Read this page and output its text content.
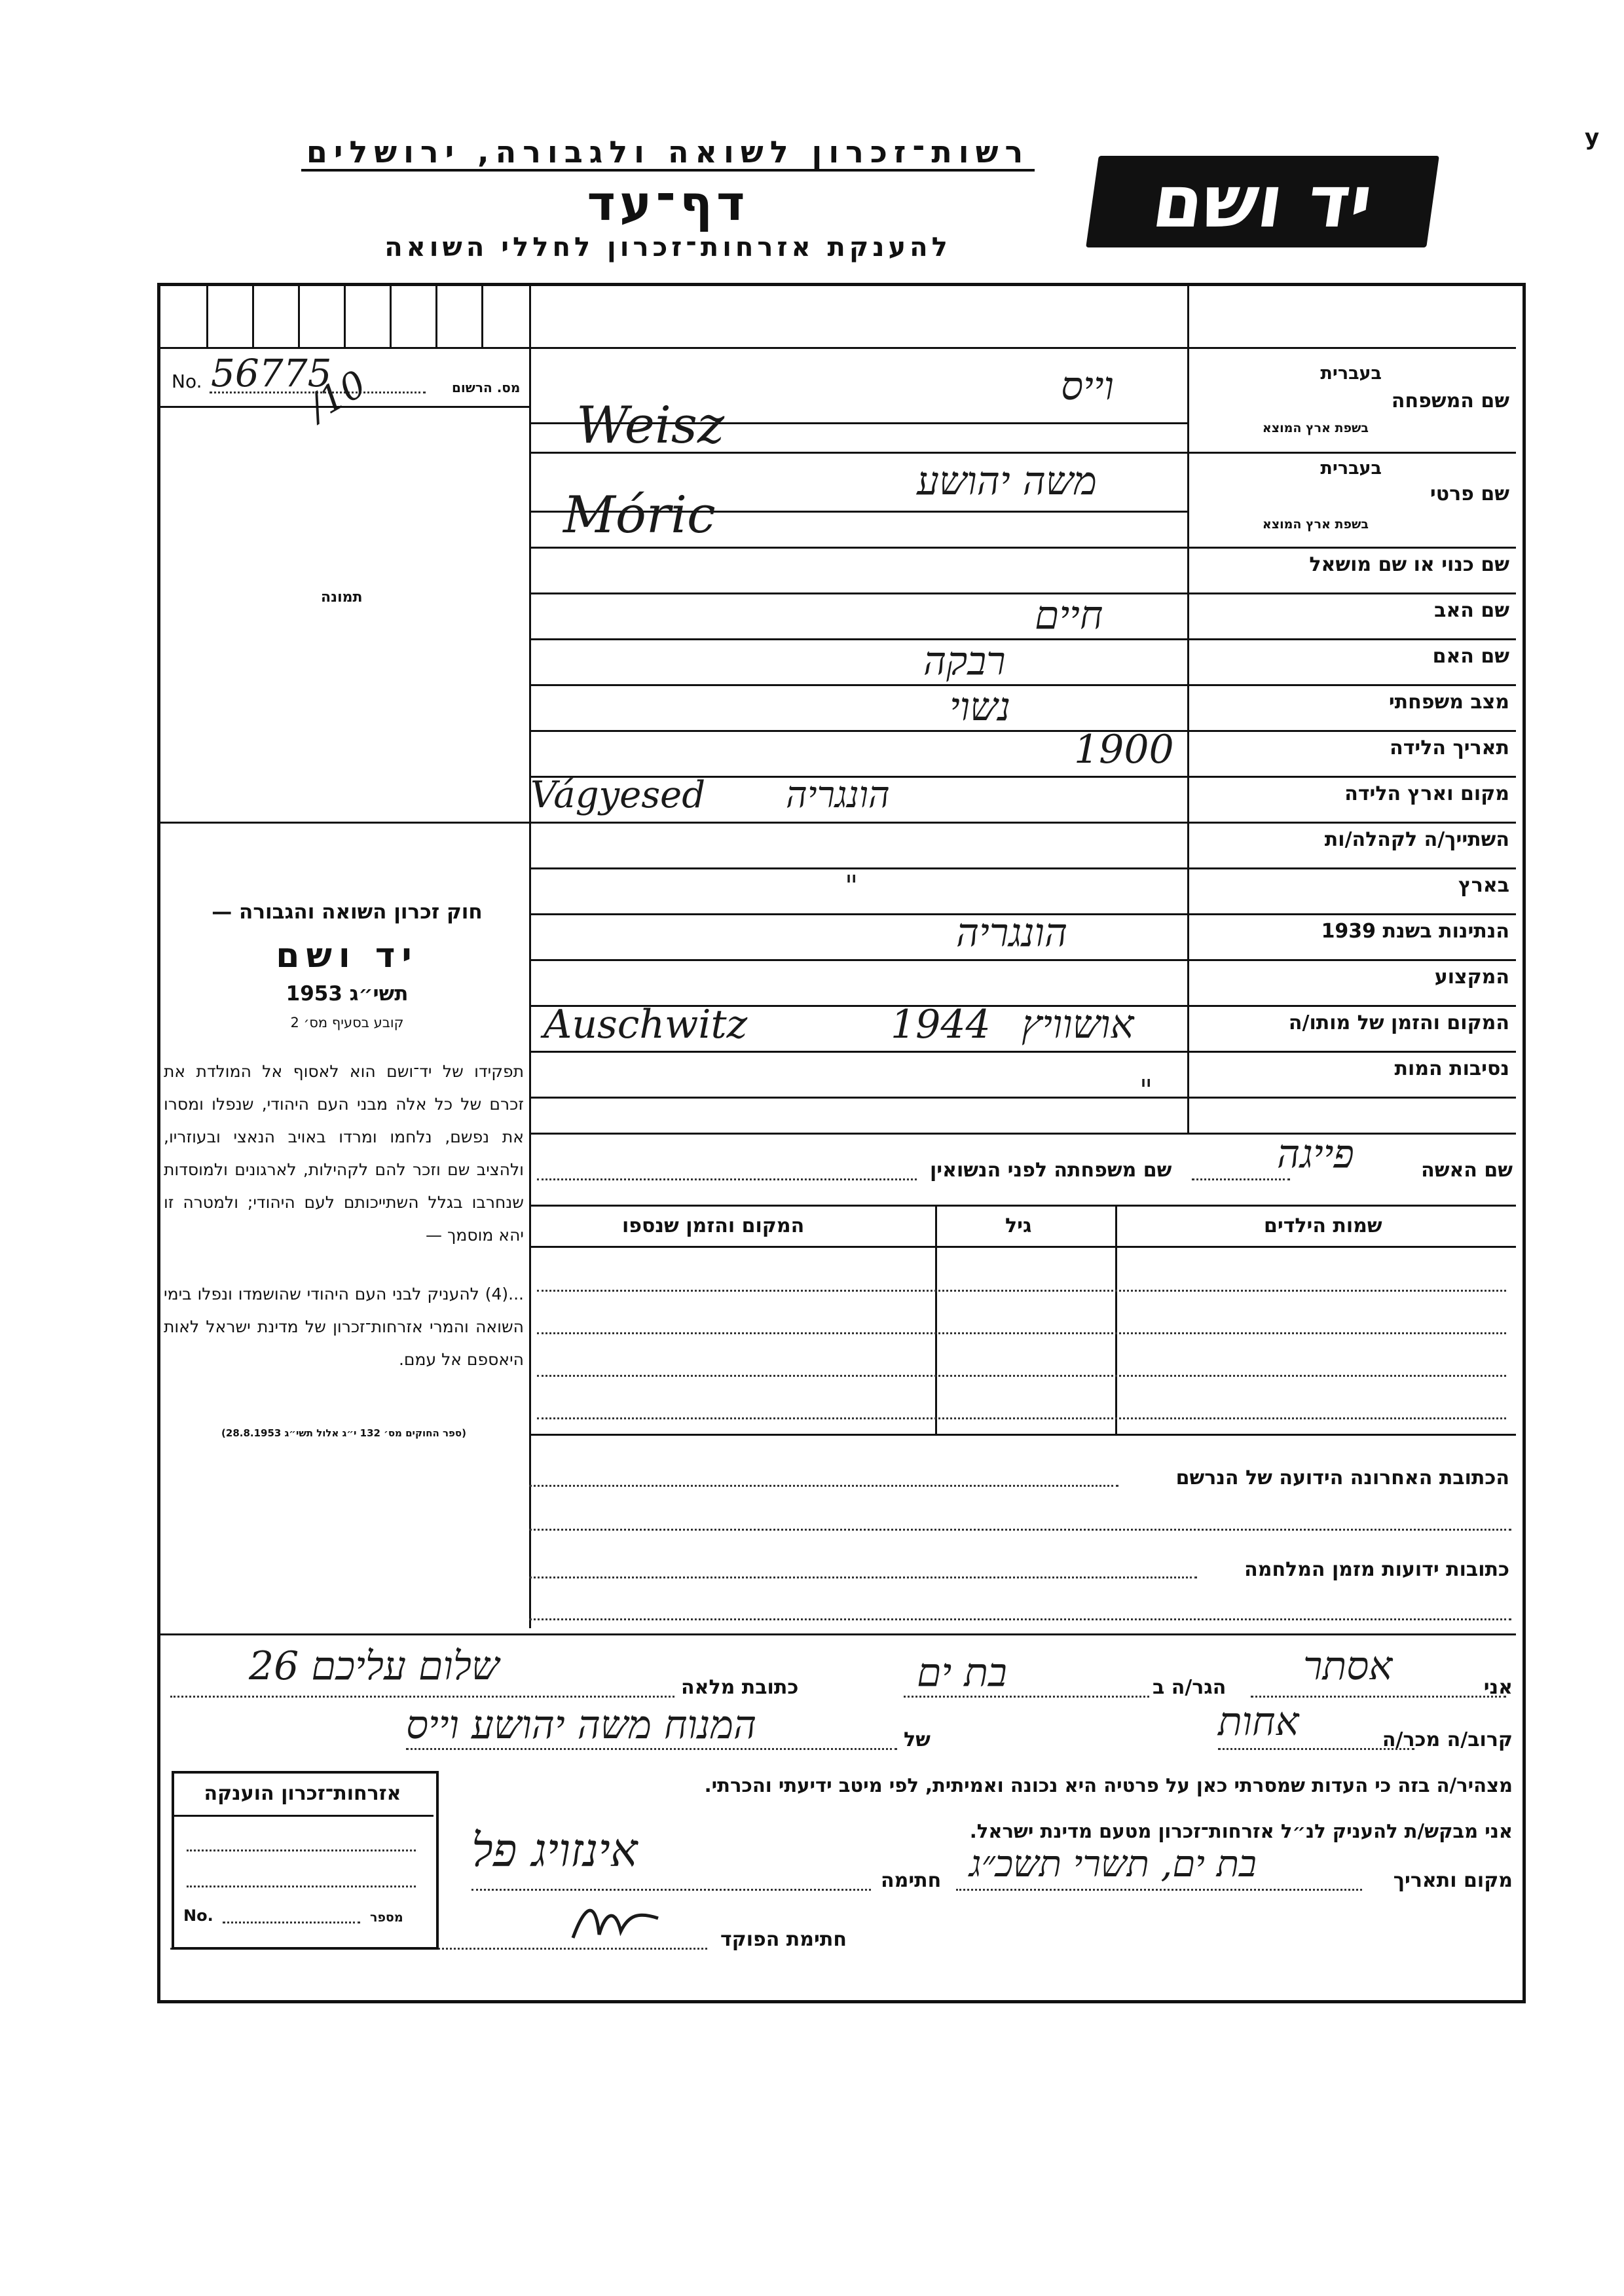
y
רשות־זכרון לשואה ולגבורה, ירושלים
דף־עד
להענקת אזרחות־זכרון לחללי השואה
יד ושם
No. 56775
/10	מס. הרשום
תמונה
חוק זכרון השואה והגבורה —
יד ושם
תשי״ג 1953
קובע בסעיף מס׳ 2
תפקידו של יד־ושם הוא לאסוף אל המולדת את זכרם של כל אלה מבני העם היהודי, שנפלו ומסרו את נפשם, נלחמו ומרדו באויב הנאצי ובעוזריו, ולהציב שם וזכר להם לקהילות, לארגונים ולמוסדות שנחרבו בגלל השתייכותם לעם היהודי; ולמטרה זו יהא מוסמך —
...(4) להעניק לבני העם היהודי שהושמדו ונפלו בימי השואה והמרי אזרחות־זכרון של מדינת ישראל לאות היאספם אל עמם.
(ספר החוקים מס׳ 132 י״ג אלול תשי״ג 28.8.1953)
שם המשפחה
בעברית
בשפת ארץ המוצא
וייס
Weisz
שם פרטי
בעברית
בשפת ארץ המוצא
משה יהושע
Móric
שם כנוי או שם מושאל
שם האב
חיים
שם האם
רבקה
מצב משפחתי
נשוי
תאריך הלידה
1900
מקום וארץ הלידה
Vágyesed הונגריה
השתייך/ה לקהלה/ות
בארץ
"
הנתינות בשנת 1939
הונגריה
המקצוע
המקום והזמן של מותו/ה
Auschwitz	1944 אושוויץ
נסיבות המות
"
שם האשה
פייגה
שם משפחתה לפני הנשואין
שמות הילדים
גיל
המקום והזמן שנספו
הכתובת האחרונה הידועה של הנרשם
כתובות ידועות מזמן המלחמה
אני
אסתר
הגר/ה ב
בת ים
כתובת מלאה
שלום עליכם 26
קרוב/ה מכר/ה
אחות
של
המנוח משה יהושע וייס
מצהיר/ה בזה כי העדות שמסרתי כאן על פרטיה היא נכונה ואמיתית, לפי מיטב ידיעתי והכרתי.
אני מבקש/ת להעניק לנ״ל אזרחות־זכרון מטעם מדינת ישראל.
מקום ותאריך
בת ים, תשרי תשכ״ג
חתימה
אינזויג פל
חתימת הפוקד
אזרחות־זכרון הוענקה
No.	מספר
